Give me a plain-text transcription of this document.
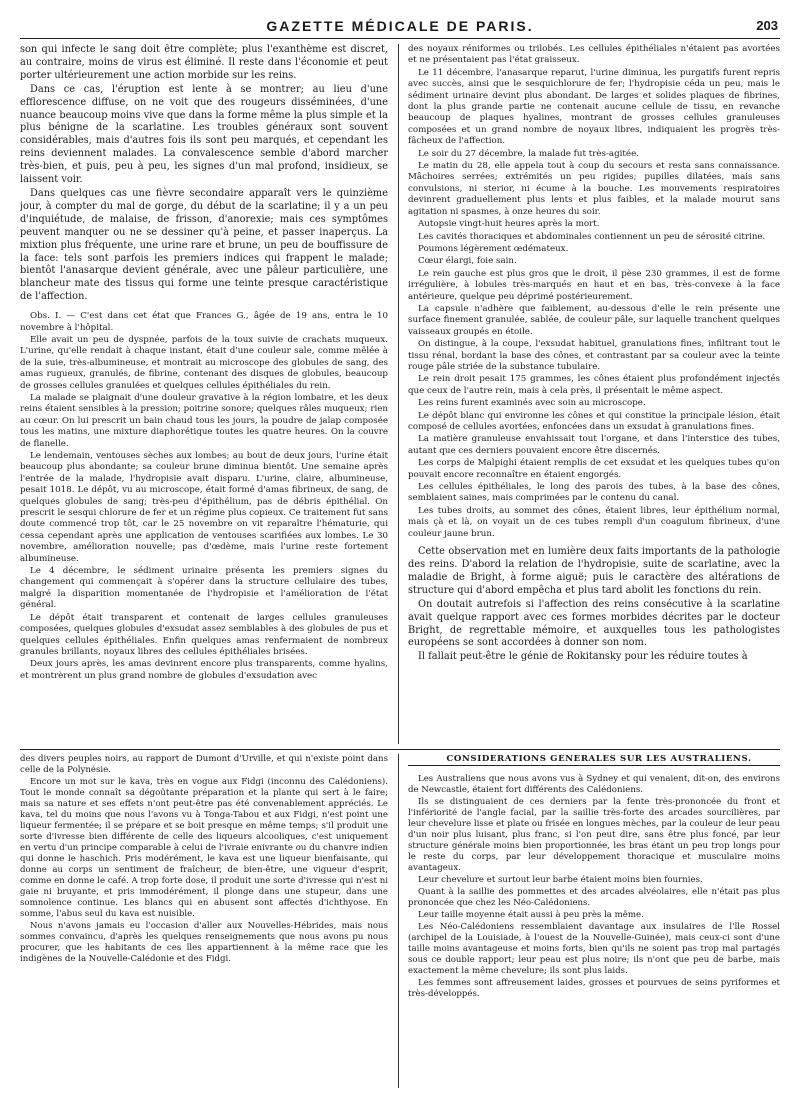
GAZETTE MÉDICALE DE PARIS.	203

son qui infecte le sang doit être complète; plus l'exanthème est discret, au contraire, moins de virus est éliminé. Il reste dans l'économie et peut porter ultérieurement une action morbide sur les reins.

Dans ce cas, l'éruption est lente à se montrer; au lieu d'une efflorescence diffuse, on ne voit que des rougeurs disséminées, d'une nuance beaucoup moins vive que dans la forme même la plus simple et la plus bénigne de la scarlatine. Les troubles généraux sont souvent considérables, mais d'autres fois ils sont peu marqués, et cependant les reins deviennent malades. La convalescence semble d'abord marcher très-bien, et puis, peu à peu, les signes d'un mal profond, insidieux, se laissent voir.

Dans quelques cas une fièvre secondaire apparaît vers le quinzième jour, à compter du mal de gorge, du début de la scarlatine; il y a un peu d'inquiétude, de malaise, de frisson, d'anorexie; mais ces symptômes peuvent manquer ou ne se dessiner qu'à peine, et passer inaperçus. La mixtion plus fréquente, une urine rare et brune, un peu de bouffissure de la face: tels sont parfois les premiers indices qui frappent le malade; bientôt l'anasarque devient générale, avec une pâleur particulière, une blancheur mate des tissus qui forme une teinte presque caractéristique de l'affection.

Obs. I. — C'est dans cet état que Frances G., âgée de 19 ans, entra le 10 novembre à l'hôpital.

Elle avait un peu de dyspnée, parfois de la toux suivie de crachats muqueux. L'urine, qu'elle rendait à chaque instant, était d'une couleur sale, comme mêlée à de la suie, très-albumineuse, et montrait au microscope des globules de sang, des amas rugueux, granulés, de fibrine, contenant des disques de globules, beaucoup de grosses cellules granulées et quelques cellules épithéliales du rein.

La malade se plaignait d'une douleur gravative à la région lombaire, et les deux reins étaient sensibles à la pression; poitrine sonore; quelques râles muqueux; rien au cœur. On lui prescrit un bain chaud tous les jours, la poudre de jalap composée tous les matins, une mixture diaphorétique toutes les quatre heures. On la couvre de flanelle.

Le lendemain, ventouses sèches aux lombes; au bout de deux jours, l'urine était beaucoup plus abondante; sa couleur brune diminua bientôt. Une semaine après l'entrée de la malade, l'hydropisie avait disparu. L'urine, claire, albumineuse, pesait 1018. Le dépôt, vu au microscope, était formé d'amas fibrineux, de sang, de quelques globules de sang; très-peu d'épithélium, pas de débris épithélial. On prescrit le sesqui chlorure de fer et un régime plus copieux. Ce traitement fut sans doute commencé trop tôt, car le 25 novembre on vit reparaître l'hématurie, qui cessa cependant après une application de ventouses scarifiées aux lombes. Le 30 novembre, amélioration nouvelle; pas d'œdème, mais l'urine reste fortement albumineuse.

Le 4 décembre, le sédiment urinaire présenta les premiers signes du changement qui commençait à s'opérer dans la structure cellulaire des tubes, malgré la disparition momentanée de l'hydropisie et l'amélioration de l'état général.

Le dépôt était transparent et contenait de larges cellules granuleuses composées, quelques globules d'exsudat assez semblables à des globules de pus et quelques cellules épithéliales. Enfin quelques amas renfermaient de nombreux granules brillants, noyaux libres des cellules épithéliales brisées.

Deux jours après, les amas devinrent encore plus transparents, comme hyalins, et montrèrent un plus grand nombre de globules d'exsudation avec

des noyaux réniformes ou trilobés. Les cellules épithéliales n'étaient pas avortées et ne présentaient pas l'état graisseux.

Le 11 décembre, l'anasarque reparut, l'urine diminua, les purgatifs furent repris avec succès, ainsi que le sesquichlorure de fer; l'hydropisie céda un peu, mais le sédiment urinaire devint plus abondant. De larges et solides plaques de fibrines, dont la plus grande partie ne contenait aucune cellule de tissu, en revanche beaucoup de plaques hyalines, montrant de grosses cellules granuleuses composées et un grand nombre de noyaux libres, indiquaient les progrès très-fâcheux de l'affection.

Le soir du 27 décembre, la malade fut très-agitée.

Le matin du 28, elle appela tout à coup du secours et resta sans connaissance. Mâchoires serrées; extrémités un peu rigides; pupilles dilatées, mais sans convulsions, ni sterior, ni écume à la bouche. Les mouvements respiratoires devinrent graduellement plus lents et plus faibles, et la malade mourut sans agitation ni spasmes, à onze heures du soir.

Autopsie vingt-huit heures après la mort.

Les cavités thoraciques et abdominales contiennent un peu de sérosité citrine.

Poumons légèrement œdémateux.

Cœur élargi, foie sain.

Le rein gauche est plus gros que le droit, il pèse 230 grammes, il est de forme irrégulière, à lobules très-marqués en haut et en bas, très-convexe à la face antérieure, quelque peu déprimé postérieurement.

La capsule n'adhère que faiblement, au-dessous d'elle le rein présente une surface finement granulée, sablée, de couleur pâle, sur laquelle tranchent quelques vaisseaux groupés en étoile.

On distingue, à la coupe, l'exsudat habituel, granulations fines, infiltrant tout le tissu rénal, bordant la base des cônes, et contrastant par sa couleur avec la teinte rouge pâle striée de la substance tubulaire.

Le rein droit pesait 175 grammes, les cônes étaient plus profondément injectés que ceux de l'autre rein, mais à cela près, il présentait le même aspect.

Les reins furent examinés avec soin au microscope.

Le dépôt blanc qui environne les cônes et qui constitue la principale lésion, était composé de cellules avortées, enfoncées dans un exsudat à granulations fines.

La matière granuleuse envahissait tout l'organe, et dans l'interstice des tubes, autant que ces derniers pouvaient encore être discernés.

Les corps de Malpighi étaient remplis de cet exsudat et les quelques tubes qu'on pouvait encore reconnaître en étaient engorgés.

Les cellules épithéliales, le long des parois des tubes, à la base des cônes, semblaient saines, mais comprimées par le contenu du canal.

Les tubes droits, au sommet des cônes, étaient libres, leur épithélium normal, mais çà et là, on voyait un de ces tubes rempli d'un coagulum fibrineux, d'une couleur jaune brun.

Cette observation met en lumière deux faits importants de la pathologie des reins. D'abord la relation de l'hydropisie, suite de scarlatine, avec la maladie de Bright, à forme aiguë; puis le caractère des altérations de structure qui d'abord empêcha et plus tard abolit les fonctions du rein.

On doutait autrefois si l'affection des reins consécutive à la scarlatine avait quelque rapport avec ces formes morbides décrites par le docteur Bright, de regrettable mémoire, et auxquelles tous les pathologistes européens se sont accordées à donner son nom.

Il fallait peut-être le génie de Rokitansky pour les réduire toutes à

des divers peuples noirs, au rapport de Dumont d'Urville, et qui n'existe point dans celle de la Polynésie.

Encore un mot sur le kava, très en vogue aux Fidgi (inconnu des Calédoniens). Tout le monde connaît sa dégoûtante préparation et la plante qui sert à le faire; mais sa nature et ses effets n'ont peut-être pas été convenablement appréciés. Le kava, tel du moins que nous l'avons vu à Tonga-Tabou et aux Fidgi, n'est point une liqueur fermentée; il se prépare et se boit presque en même temps; s'il produit une sorte d'ivresse bien différente de celle des liqueurs alcooliques, c'est uniquement en vertu d'un principe comparable à celui de l'ivraie enivrante ou du chanvre indien qui donne le haschich. Pris modérément, le kava est une liqueur bienfaisante, qui donne au corps un sentiment de fraîcheur, de bien-être, une vigueur d'esprit, comme en donne le café. A trop forte dose, il produit une sorte d'ivresse qui n'est ni gaie ni bruyante, et pris immodérément, il plonge dans une stupeur, dans une somnolence continue. Les blancs qui en abusent sont affectés d'ichthyose. En somme, l'abus seul du kava est nuisible.

Nous n'avons jamais eu l'occasion d'aller aux Nouvelles-Hébrides, mais nous sommes convaincu, d'après les quelques renseignements que nous avons pu nous procurer, que les habitants de ces îles appartiennent à la même race que les indigènes de la Nouvelle-Calédonie et des Fidgi.

CONSIDÉRATIONS GÉNÉRALES SUR LES AUSTRALIENS.

Les Australiens que nous avons vus à Sydney et qui venaient, dit-on, des environs de Newcastle, étaient fort différents des Calédoniens.

Ils se distinguaient de ces derniers par la fente très-prononcée du front et l'infériorité de l'angle facial, par la saillie très-forte des arcades sourcilières, par leur chevelure lisse et plate ou frisée en longues mèches, par la couleur de leur peau d'un noir plus luisant, plus franc, si l'on peut dire, sans être plus foncé, par leur structure générale moins bien proportionnée, les bras étant un peu trop longs pour le reste du corps, par leur développement thoracique et musculaire moins avantageux.

Leur chevelure et surtout leur barbe étaient moins bien fournies.

Quant à la saillie des pommettes et des arcades alvéolaires, elle n'était pas plus prononcée que chez les Néo-Calédoniens.

Leur taille moyenne était aussi à peu près la même.

Les Néo-Calédoniens ressemblaient davantage aux insulaires de l'île Rossel (archipel de la Louisiade, à l'ouest de la Nouvelle-Guinée), mais ceux-ci sont d'une taille moins avantageuse et moins forts, bien qu'ils ne soient pas trop mal partagés sous ce double rapport; leur peau est plus noire; ils n'ont que peu de barbe, mais exactement la même chevelure; ils sont plus laids.

Les femmes sont affreusement laides, grosses et pourvues de seins pyriformes et très-développés.
